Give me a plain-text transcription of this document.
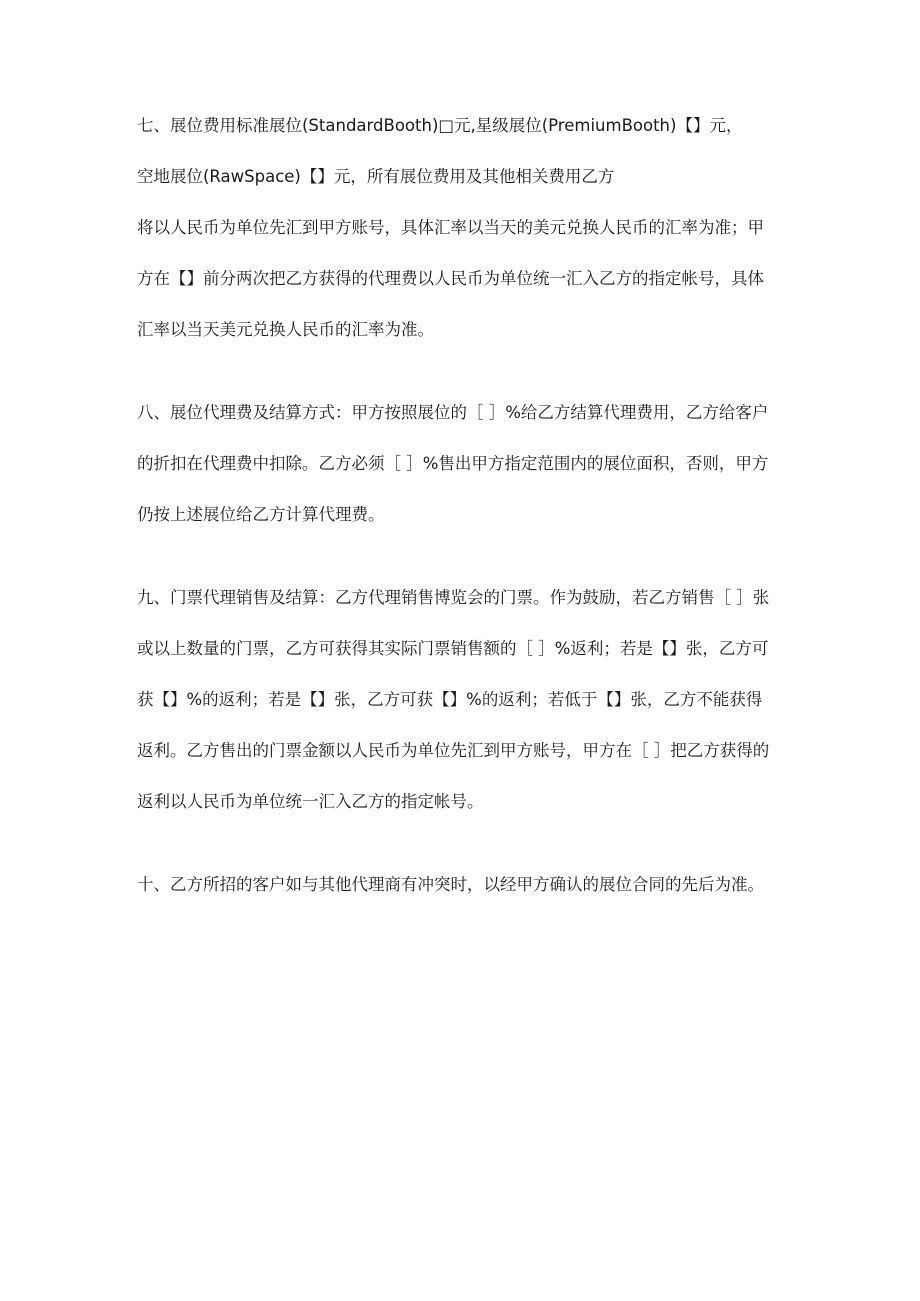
七、展位费用标准展位(StandardBooth)□元,星级展位(PremiumBooth)【】元，
空地展位(RawSpace)【】元，所有展位费用及其他相关费用乙方
将以人民币为单位先汇到甲方账号，具体汇率以当天的美元兑换人民币的汇率为准；甲
方在【】前分两次把乙方获得的代理费以人民币为单位统一汇入乙方的指定帐号，具体
汇率以当天美元兑换人民币的汇率为准。
八、展位代理费及结算方式：甲方按照展位的［ ］%给乙方结算代理费用，乙方给客户
的折扣在代理费中扣除。乙方必须［ ］%售出甲方指定范围内的展位面积，否则，甲方
仍按上述展位给乙方计算代理费。
九、门票代理销售及结算：乙方代理销售博览会的门票。作为鼓励，若乙方销售［ ］张
或以上数量的门票，乙方可获得其实际门票销售额的［ ］%返利；若是【】张，乙方可
获【】%的返利；若是【】张，乙方可获【】%的返利；若低于【】张，乙方不能获得
返利。乙方售出的门票金额以人民币为单位先汇到甲方账号，甲方在［ ］把乙方获得的
返利以人民币为单位统一汇入乙方的指定帐号。
十、乙方所招的客户如与其他代理商有冲突时，以经甲方确认的展位合同的先后为准。
